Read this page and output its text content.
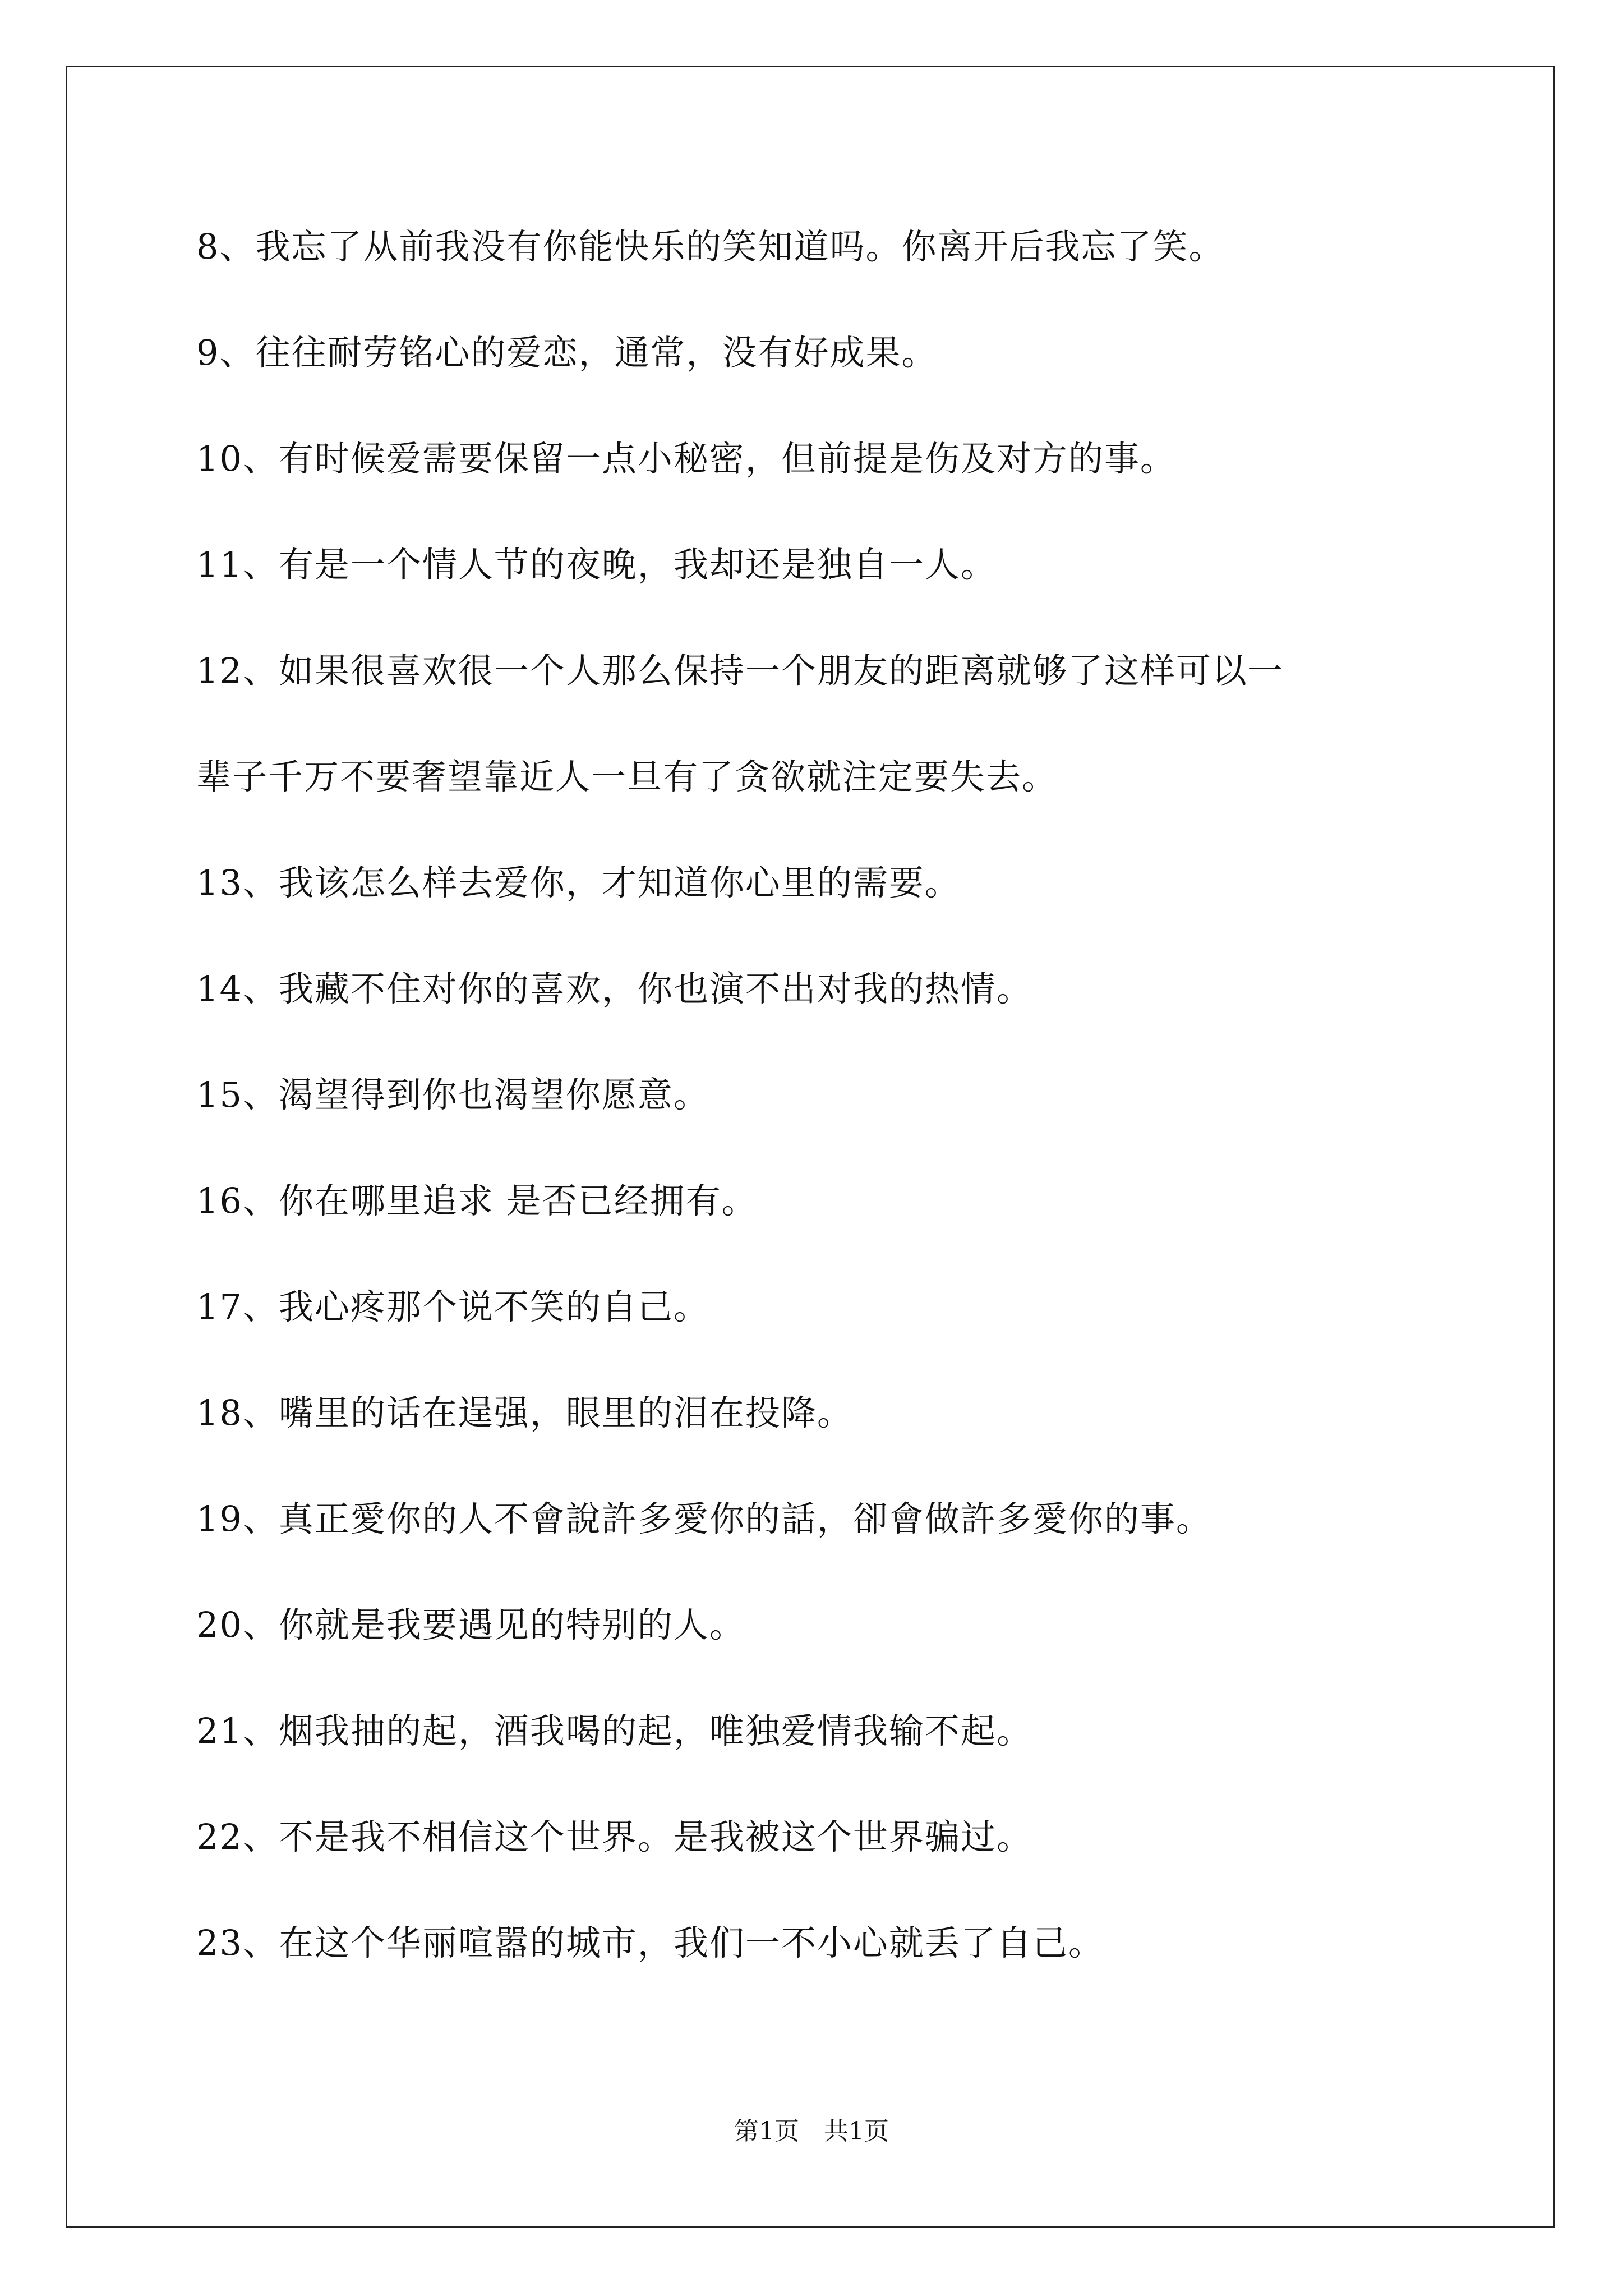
8、我忘了从前我没有你能快乐的笑知道吗。你离开后我忘了笑。
9、往往耐劳铭心的爱恋，通常，没有好成果。
10、有时候爱需要保留一点小秘密，但前提是伤及对方的事。
11、有是一个情人节的夜晚，我却还是独自一人。
12、如果很喜欢很一个人那么保持一个朋友的距离就够了这样可以一
辈子千万不要奢望靠近人一旦有了贪欲就注定要失去。
13、我该怎么样去爱你，才知道你心里的需要。
14、我藏不住对你的喜欢，你也演不出对我的热情。
15、渴望得到你也渴望你愿意。
16、你在哪里追求 是否已经拥有。
17、我心疼那个说不笑的自己。
18、嘴里的话在逞强，眼里的泪在投降。
19、真正愛你的人不會說許多愛你的話，卻會做許多愛你的事。
20、你就是我要遇见的特别的人。
21、烟我抽的起，酒我喝的起，唯独爱情我输不起。
22、不是我不相信这个世界。是我被这个世界骗过。
23、在这个华丽喧嚣的城市，我们一不小心就丢了自己。
第1页　共1页
